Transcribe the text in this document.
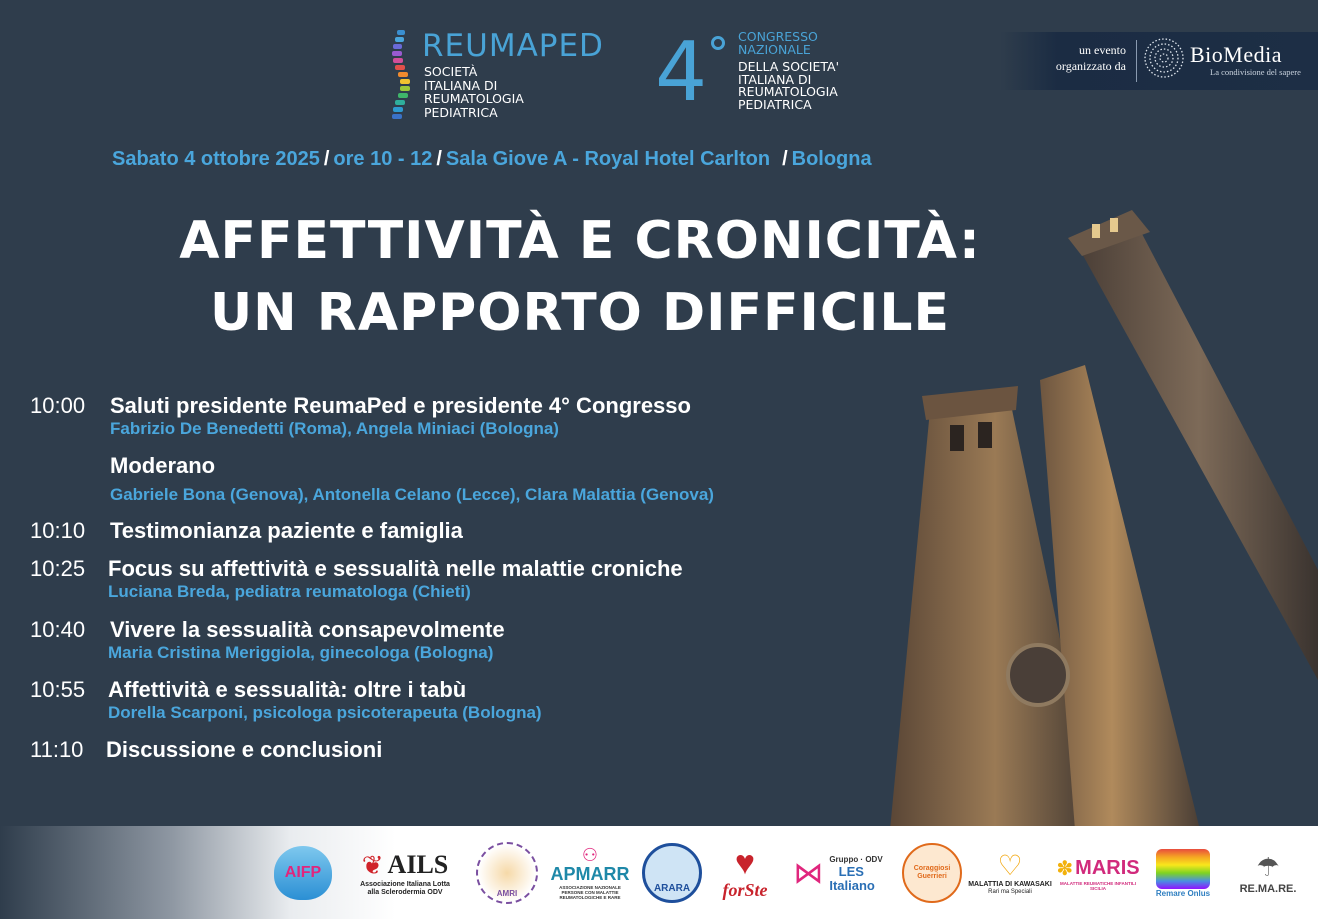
REUMAPED
SOCIETÀ
ITALIANA DI
REUMATOLOGIA
PEDIATRICA	4 CONGRESSO
NAZIONALE
DELLA SOCIETA'
ITALIANA DI
REUMATOLOGIA
PEDIATRICA
un evento
organizzato da	BioMedia
La condivisione del sapere
Sabato 4 ottobre 2025 / ore 10 - 12 / Sala Giove A - Royal Hotel Carlton / Bologna
AFFETTIVITÀ E CRONICITÀ:
UN RAPPORTO DIFFICILE
10:00 Saluti presidente ReumaPed e presidente 4° Congresso
Fabrizio De Benedetti (Roma), Angela Miniaci (Bologna)
Moderano
Gabriele Bona (Genova), Antonella Celano (Lecce), Clara Malattia (Genova)
10:10 Testimonianza paziente e famiglia
10:25 Focus su affettività e sessualità nelle malattie croniche
Luciana Breda, pediatra reumatologa (Chieti)
10:40 Vivere la sessualità consapevolmente
Maria Cristina Meriggiola, ginecologa (Bologna)
10:55 Affettività e sessualità: oltre i tabù
Dorella Scarponi, psicologa psicoterapeuta (Bologna)
11:10 Discussione e conclusioni
AIFP ❦ AILS
Associazione Italiana Lotta alla Sclerodermia ODV	AMRI
⚇
APMARR
ASSOCIAZIONE NAZIONALE PERSONE CON MALATTIE REUMATOLOGICHE E RARE
ARARA
♥
forSte ⋈ Gruppo · ODV
LES Italiano
Coraggiosi Guerrieri ♡
MALATTIA DI KAWASAKI
Rari ma Speciali
✽ MARIS
MALATTIE REUMATICHE INFANTILI SICILIA
Remare Onlus
☂
RE.MA.RE.
